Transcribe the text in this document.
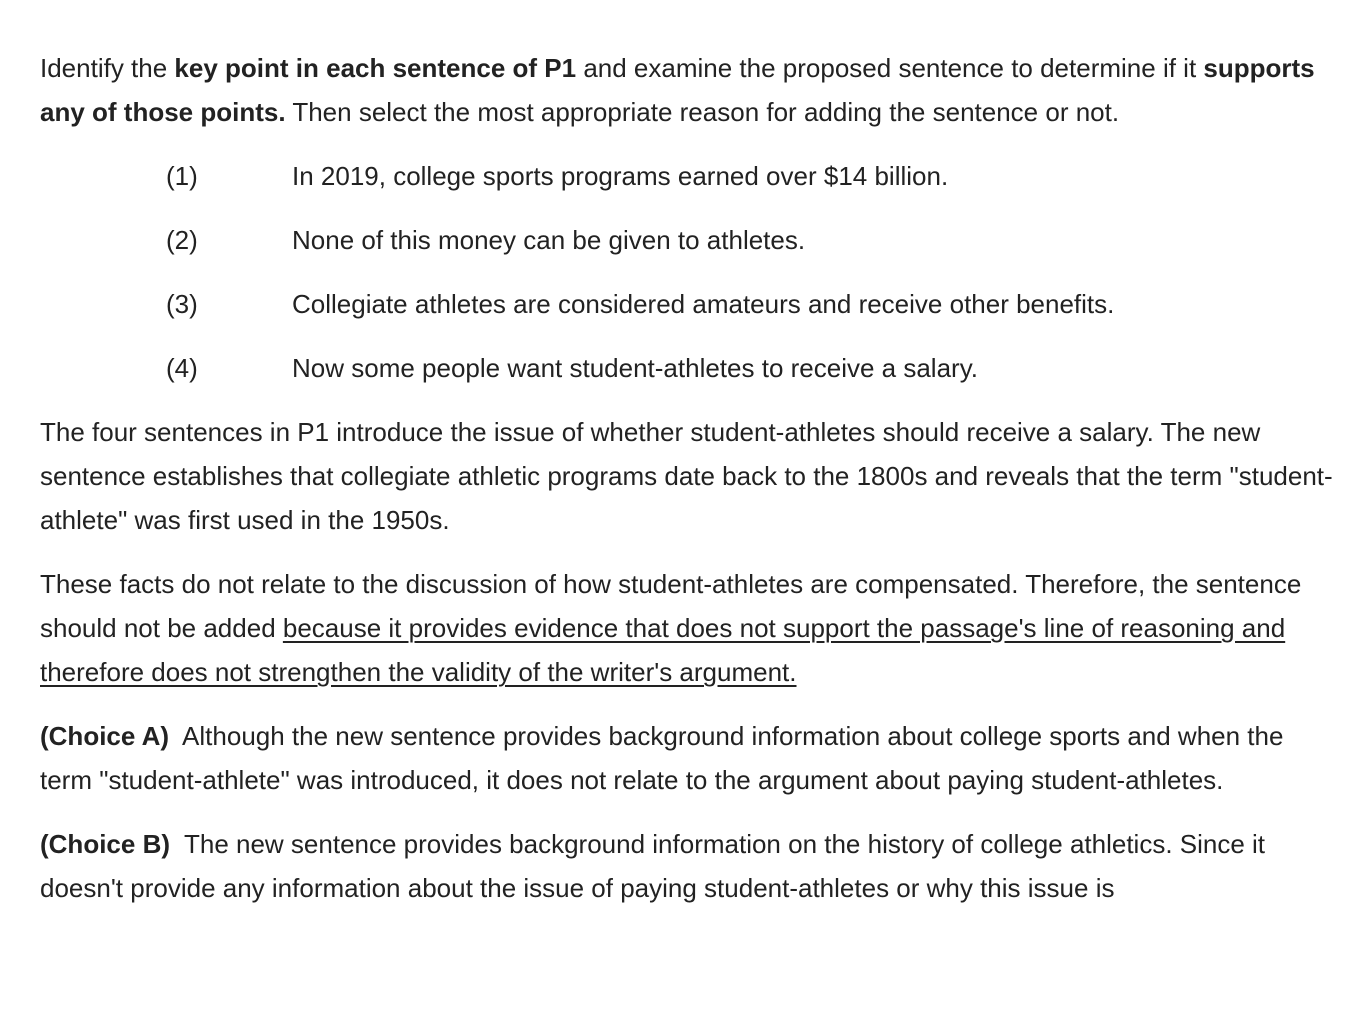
Identify the key point in each sentence of P1 and examine the proposed sentence to determine if it supports any of those points. Then select the most appropriate reason for adding the sentence or not.

(1)	In 2019, college sports programs earned over $14 billion.
(2)	None of this money can be given to athletes.
(3)	Collegiate athletes are considered amateurs and receive other benefits.
(4)	Now some people want student-athletes to receive a salary.

The four sentences in P1 introduce the issue of whether student-athletes should receive a salary. The new sentence establishes that collegiate athletic programs date back to the 1800s and reveals that the term "student-athlete" was first used in the 1950s.

These facts do not relate to the discussion of how student-athletes are compensated. Therefore, the sentence should not be added because it provides evidence that does not support the passage's line of reasoning and therefore does not strengthen the validity of the writer's argument.

(Choice A)  Although the new sentence provides background information about college sports and when the term "student-athlete" was introduced, it does not relate to the argument about paying student-athletes.

(Choice B)  The new sentence provides background information on the history of college athletics. Since it doesn't provide any information about the issue of paying student-athletes or why this issue is
